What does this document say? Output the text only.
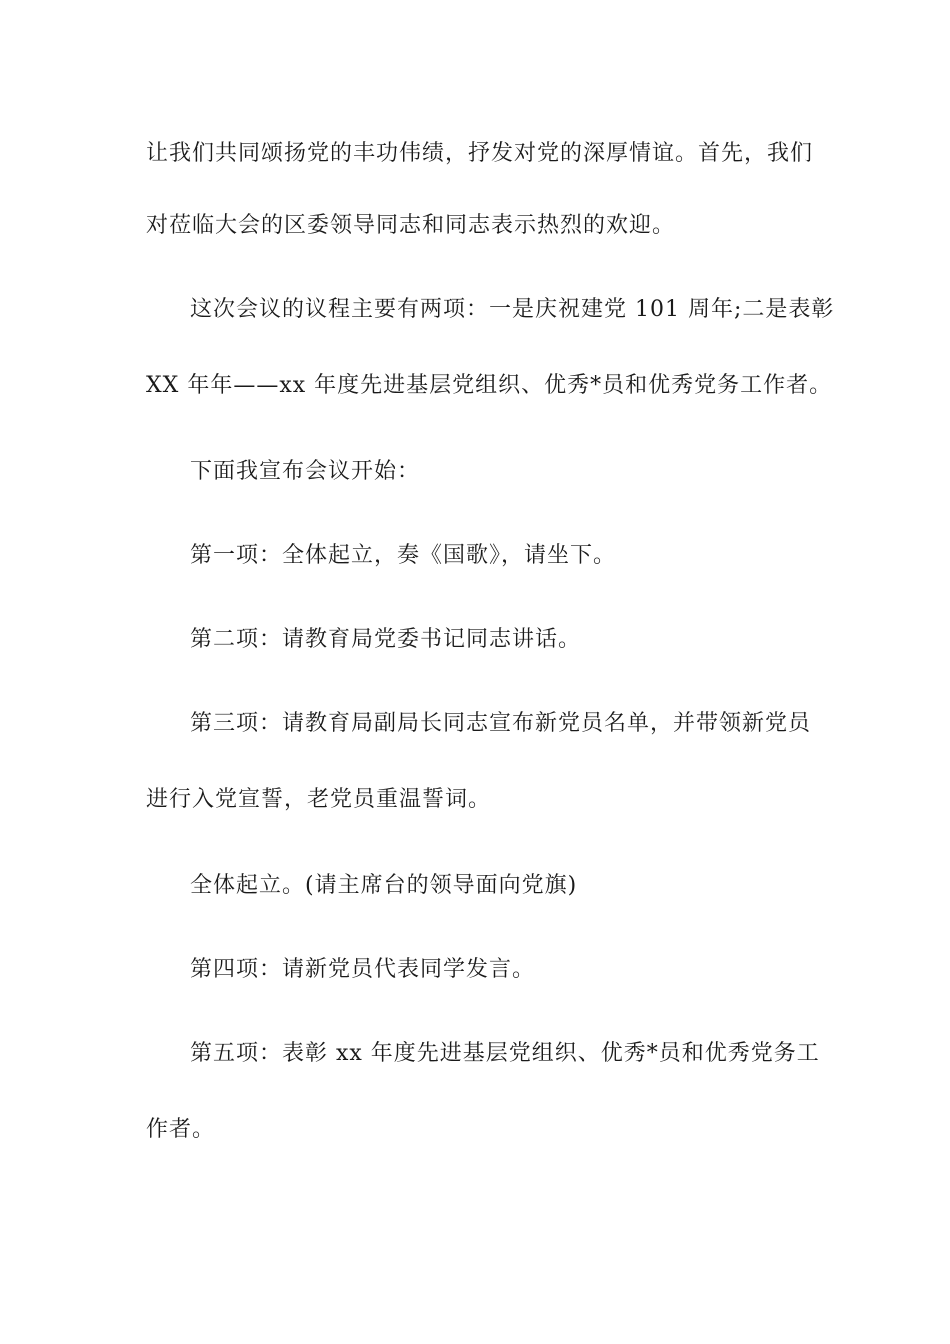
让我们共同颂扬党的丰功伟绩，抒发对党的深厚情谊。首先，我们
对莅临大会的区委领导同志和同志表示热烈的欢迎。
这次会议的议程主要有两项：一是庆祝建党 101 周年;二是表彰
XX 年年——xx 年度先进基层党组织、优秀*员和优秀党务工作者。
下面我宣布会议开始：
第一项：全体起立，奏《国歌》，请坐下。
第二项：请教育局党委书记同志讲话。
第三项：请教育局副局长同志宣布新党员名单，并带领新党员
进行入党宣誓，老党员重温誓词。
全体起立。(请主席台的领导面向党旗)
第四项：请新党员代表同学发言。
第五项：表彰 xx 年度先进基层党组织、优秀*员和优秀党务工
作者。
